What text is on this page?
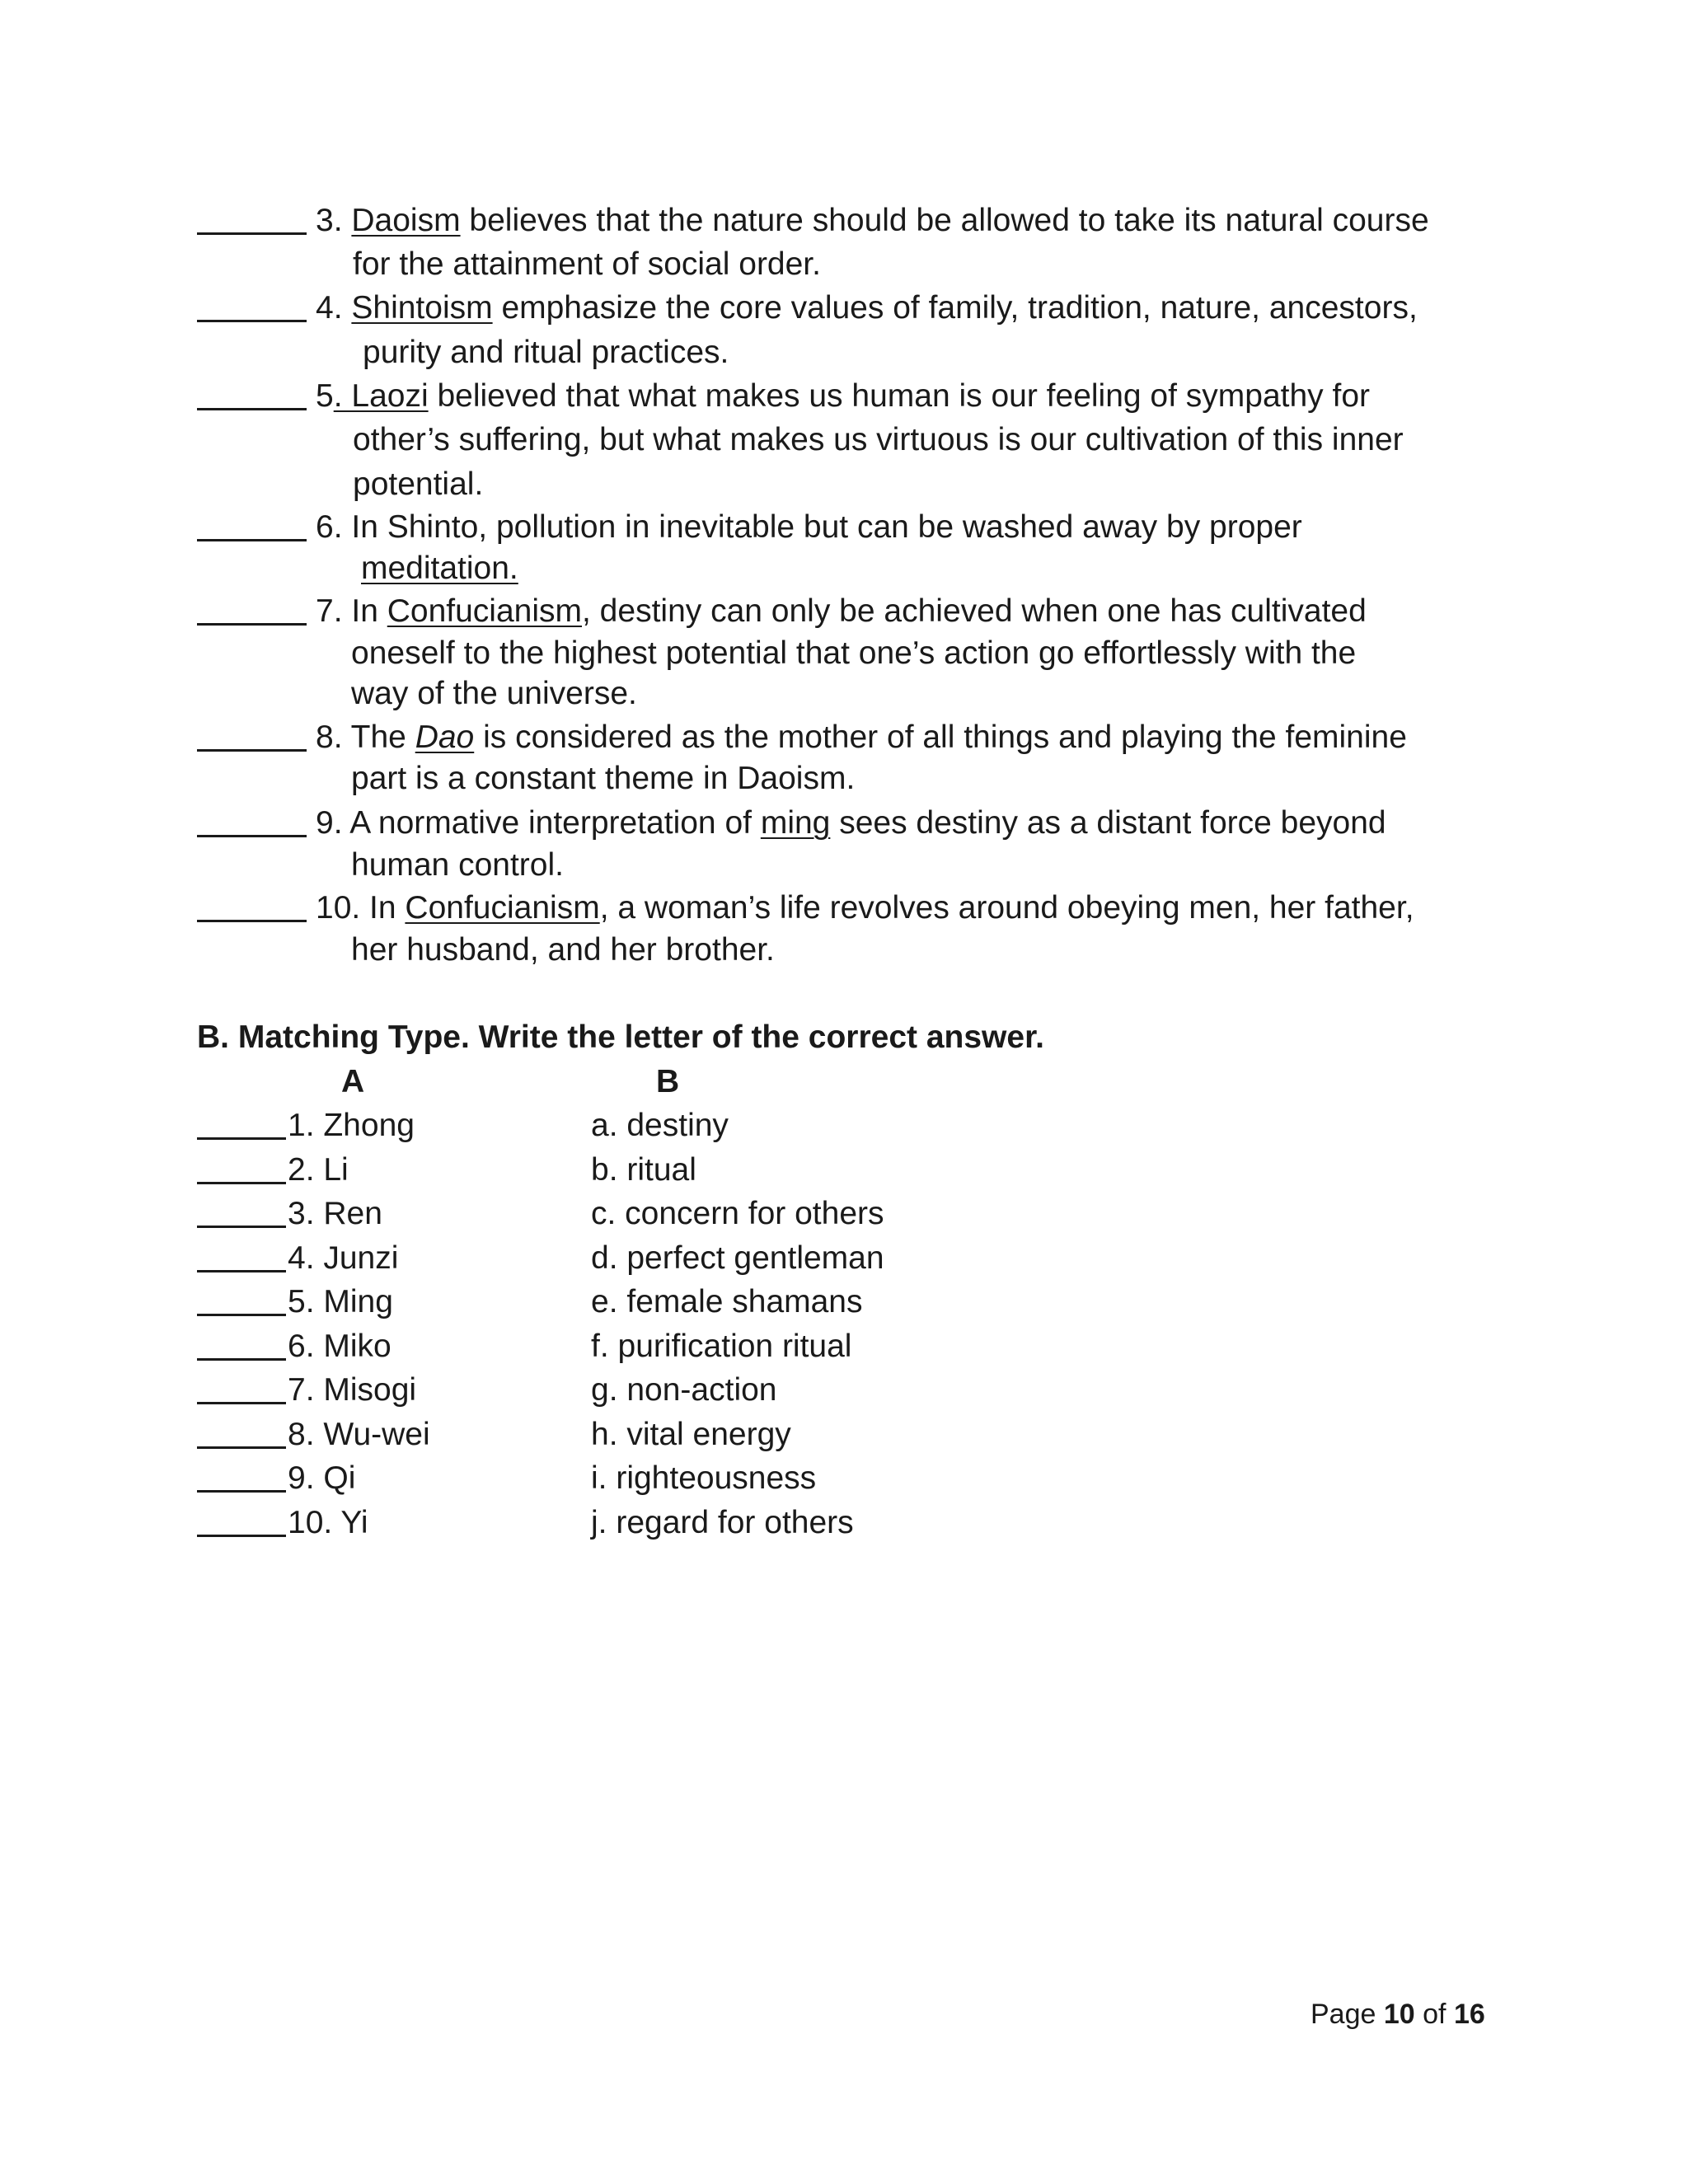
3. Daoism believes that the nature should be allowed to take its natural course
for the attainment of social order.
4. Shintoism emphasize the core values of family, tradition, nature, ancestors,
purity and ritual practices.
5. Laozi believed that what makes us human is our feeling of sympathy for
other’s suffering, but what makes us virtuous is our cultivation of this inner
potential.
6. In Shinto, pollution in inevitable but can be washed away by proper
meditation.
7. In Confucianism, destiny can only be achieved when one has cultivated
oneself to the highest potential that one’s action go effortlessly with the
way of the universe.
8. The Dao is considered as the mother of all things and playing the feminine
part is a constant theme in Daoism.
9. A normative interpretation of ming sees destiny as a distant force beyond
human control.
10. In Confucianism, a woman’s life revolves around obeying men, her father,
her husband, and her brother.
B. Matching Type. Write the letter of the correct answer.
A	B
1. Zhong	a. destiny
2. Li	b. ritual
3. Ren	c. concern for others
4. Junzi	d. perfect gentleman
5. Ming	e. female shamans
6. Miko	f. purification ritual
7. Misogi	g. non-action
8. Wu-wei	h. vital energy
9. Qi	i. righteousness
10. Yi	j. regard for others
Page 10 of 16
